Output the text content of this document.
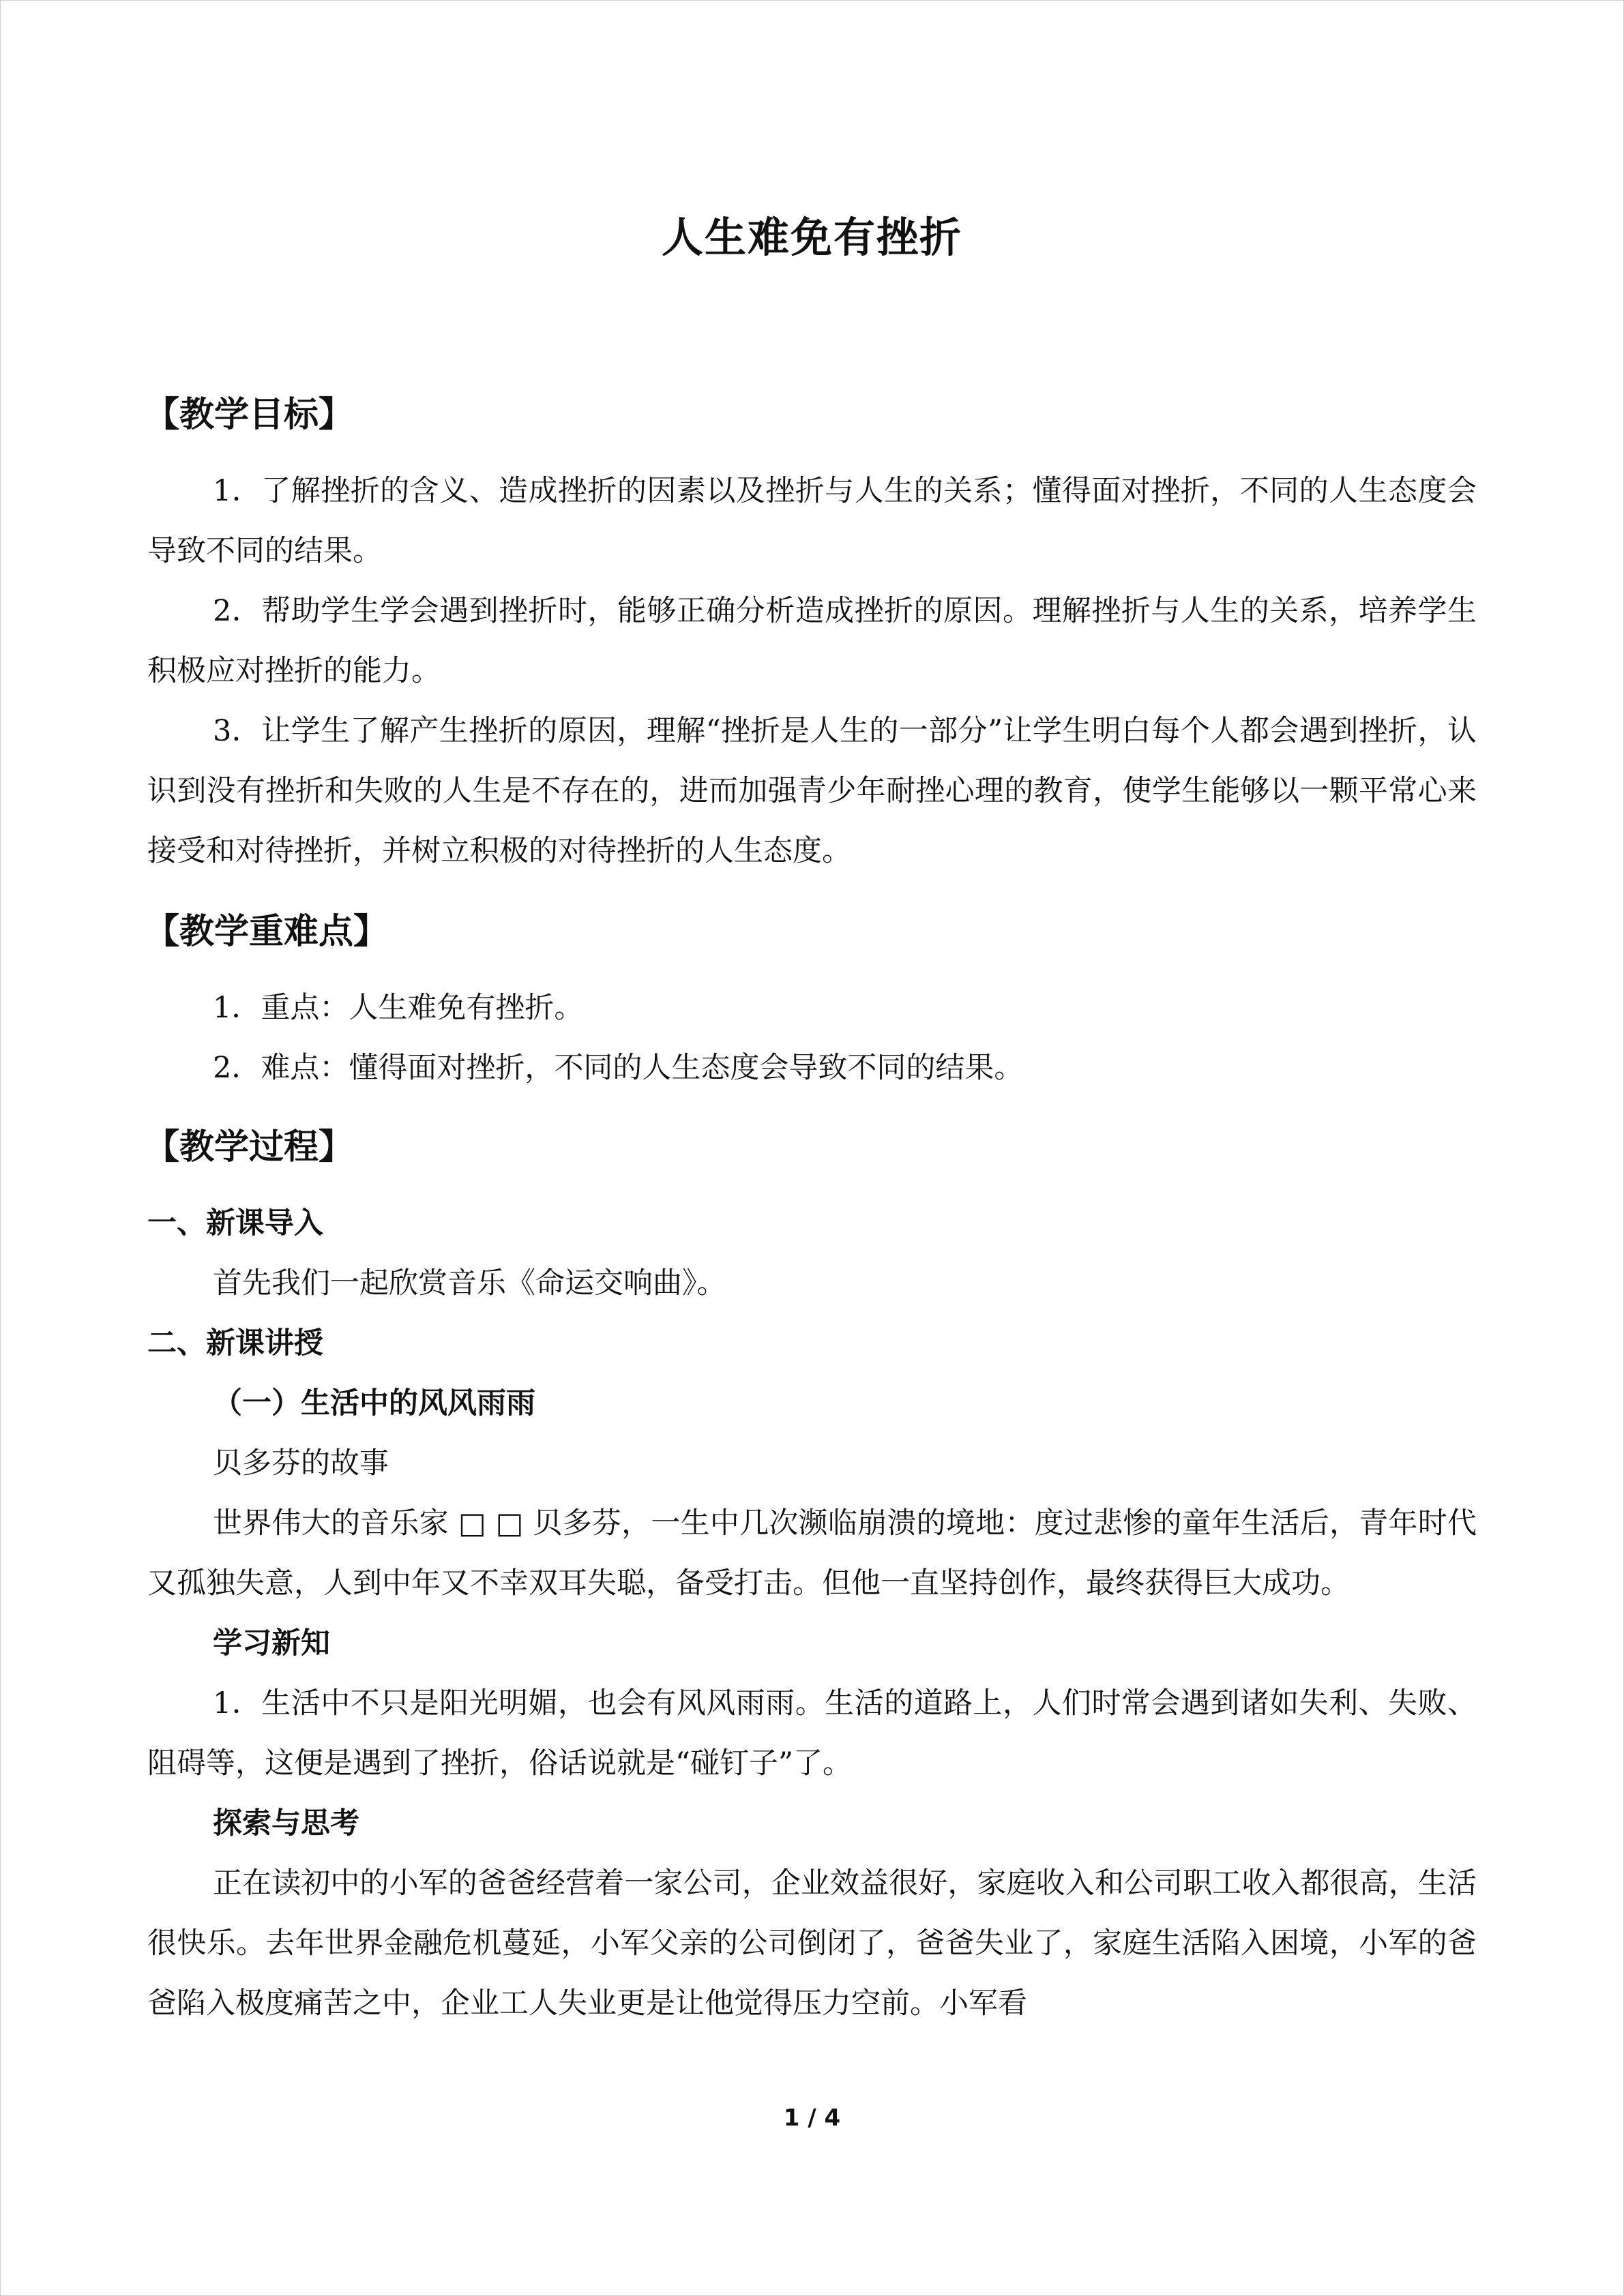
人生难免有挫折
【教学目标】
1．了解挫折的含义、造成挫折的因素以及挫折与人生的关系；懂得面对挫折，不同的人生态度会导致不同的结果。
2．帮助学生学会遇到挫折时，能够正确分析造成挫折的原因。理解挫折与人生的关系，培养学生积极应对挫折的能力。
3．让学生了解产生挫折的原因，理解“挫折是人生的一部分”让学生明白每个人都会遇到挫折，认识到没有挫折和失败的人生是不存在的，进而加强青少年耐挫心理的教育，使学生能够以一颗平常心来接受和对待挫折，并树立积极的对待挫折的人生态度。
【教学重难点】
1．重点：人生难免有挫折。
2．难点：懂得面对挫折，不同的人生态度会导致不同的结果。
【教学过程】
一、新课导入
首先我们一起欣赏音乐《命运交响曲》。
二、新课讲授
（一）生活中的风风雨雨
贝多芬的故事
世界伟大的音乐家 □ □ 贝多芬，一生中几次濒临崩溃的境地：度过悲惨的童年生活后，青年时代又孤独失意，人到中年又不幸双耳失聪，备受打击。但他一直坚持创作，最终获得巨大成功。
学习新知
1．生活中不只是阳光明媚，也会有风风雨雨。生活的道路上，人们时常会遇到诸如失利、失败、阻碍等，这便是遇到了挫折，俗话说就是“碰钉子”了。
探索与思考
正在读初中的小军的爸爸经营着一家公司，企业效益很好，家庭收入和公司职工收入都很高，生活很快乐。去年世界金融危机蔓延，小军父亲的公司倒闭了，爸爸失业了，家庭生活陷入困境，小军的爸爸陷入极度痛苦之中，企业工人失业更是让他觉得压力空前。小军看
1 / 4
